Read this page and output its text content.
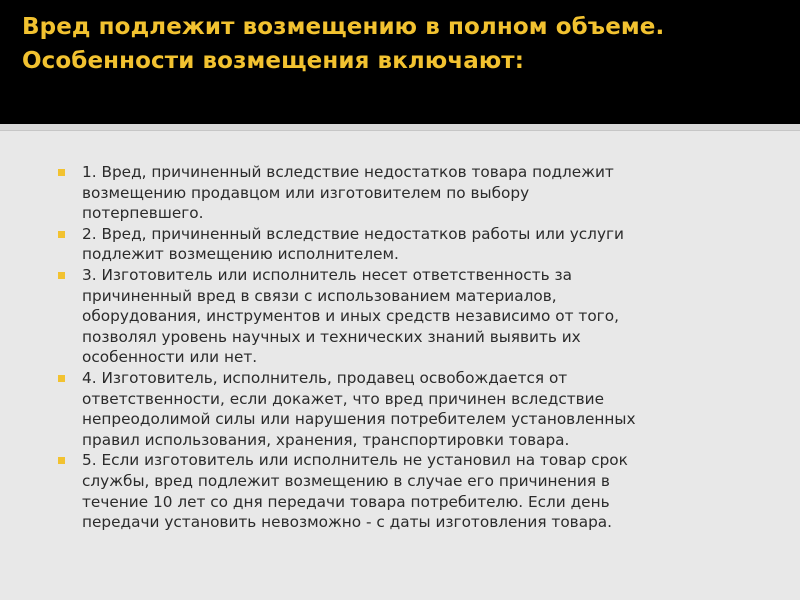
Вред подлежит возмещению в полном объеме.
Особенности возмещения включают:
1. Вред, причиненный вследствие недостатков товара подлежит
возмещению продавцом или изготовителем по выбору
потерпевшего.
2. Вред, причиненный вследствие недостатков работы или услуги
подлежит возмещению исполнителем.
3. Изготовитель или исполнитель несет ответственность за
причиненный вред в связи с использованием материалов,
оборудования, инструментов и иных средств независимо от того,
позволял уровень научных и технических знаний выявить их
особенности или нет.
4. Изготовитель, исполнитель, продавец освобождается от
ответственности, если докажет, что вред причинен вследствие
непреодолимой силы или нарушения потребителем установленных
правил использования, хранения, транспортировки товара.
5. Если изготовитель или исполнитель не установил на товар срок
службы, вред подлежит возмещению в случае его причинения в
течение 10 лет со дня передачи товара потребителю. Если день
передачи установить невозможно - с даты изготовления товара.
